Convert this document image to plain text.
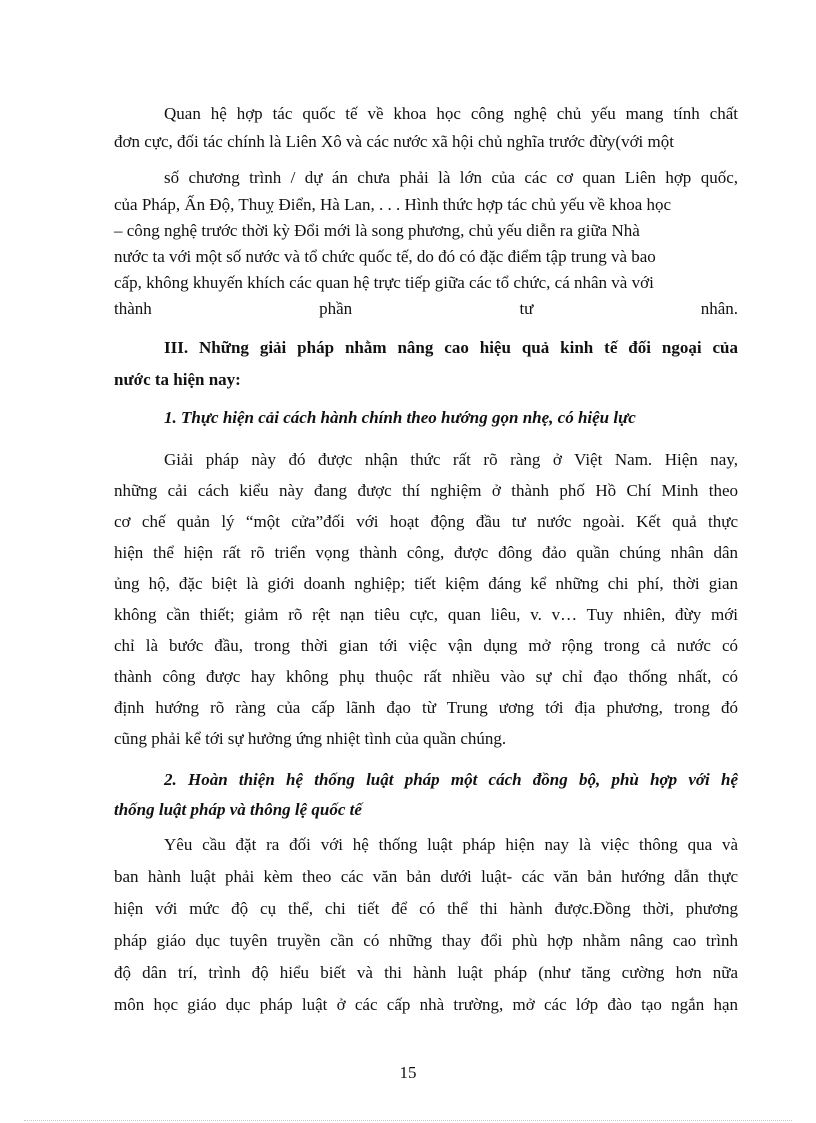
Quan hệ hợp tác quốc tế về khoa học công nghệ chủ yếu mang tính chất

đơn cực, đối tác chính là Liên Xô và các nước xã hội chủ nghĩa trước đừy(với một

số chương trình / dự án chưa phải là lớn của các cơ quan Liên hợp quốc,

của Pháp, Ấn Độ, Thuỵ Điển, Hà Lan, . . . Hình thức hợp tác chủ yếu về khoa học

– công nghệ trước thời kỳ Đổi mới là song phương, chủ yếu diễn ra giữa Nhà

nước ta với một số nước và tổ chức quốc tế, do đó có đặc điểm tập trung và bao

cấp, không khuyến khích các quan hệ trực tiếp giữa các tổ chức, cá nhân và với

thành	phần	tư	nhân.

III. Những giải pháp nhằm nâng cao hiệu quả kinh tế đối ngoại của

nước ta hiện nay:

1. Thực hiện cải cách hành chính theo hướng gọn nhẹ, có hiệu lực

Giải pháp này đó được nhận thức rất rõ ràng ở Việt Nam. Hiện nay,

những cải cách kiểu này đang được thí nghiệm ở thành phố Hồ Chí Minh theo

cơ chế quản lý “một cửa”đối với hoạt động đầu tư nước ngoài. Kết quả thực

hiện thể hiện rất rõ triển vọng thành công, được đông đảo quần chúng nhân dân

ủng hộ, đặc biệt là giới doanh nghiệp; tiết kiệm đáng kể những chi phí, thời gian

không cần thiết; giảm rõ rệt nạn tiêu cực, quan liêu, v. v… Tuy nhiên, đừy mới

chỉ là bước đầu, trong thời gian tới việc vận dụng mở rộng trong cả nước có

thành công được hay không phụ thuộc rất nhiều vào sự chỉ đạo thống nhất, có

định hướng rõ ràng của cấp lãnh đạo từ Trung ương tới địa phương, trong đó

cũng phải kể tới sự hưởng ứng nhiệt tình của quần chúng.

2. Hoàn thiện hệ thống luật pháp một cách đồng bộ, phù hợp với hệ

thống luật pháp và thông lệ quốc tế

Yêu cầu đặt ra đối với hệ thống luật pháp hiện nay là việc thông qua và

ban hành luật phải kèm theo các văn bản dưới luật- các văn bản hướng dẫn thực

hiện với mức độ cụ thể, chi tiết để có thể thi hành được.Đồng thời, phương

pháp giáo dục tuyên truyền cần có những thay đổi phù hợp nhằm nâng cao trình

độ dân trí, trình độ hiểu biết và thi hành luật pháp (như tăng cường hơn nữa

môn học giáo dục pháp luật ở các cấp nhà trường, mở các lớp đào tạo ngắn hạn

15
